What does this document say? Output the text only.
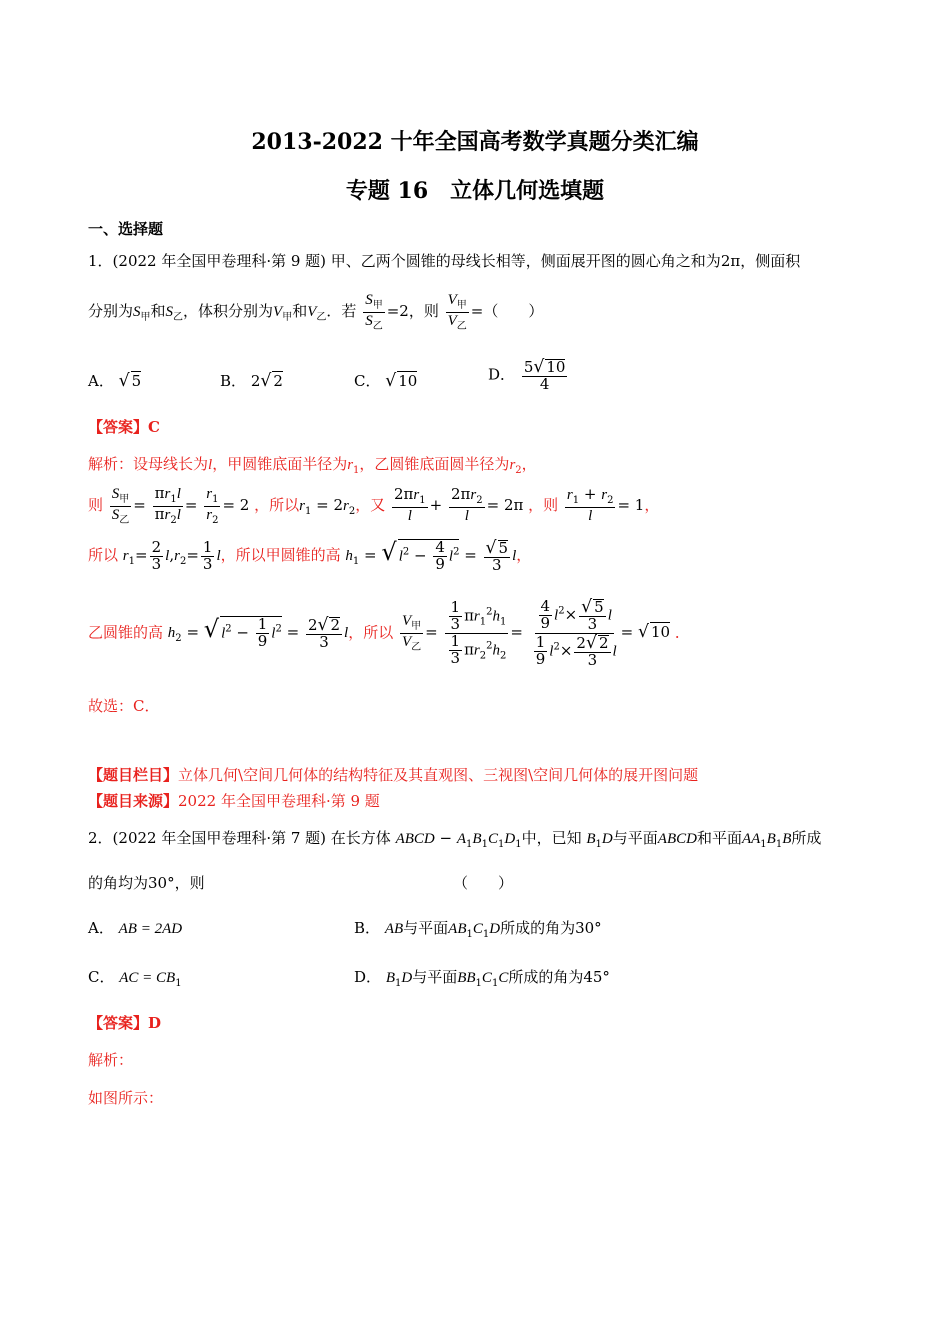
2013-2022 十年全国高考数学真题分类汇编
专题 16　立体几何选填题
一、选择题
1．(2022 年全国甲卷理科·第 9 题) 甲、乙两个圆锥的母线长相等，侧面展开图的圆心角之和为2π，侧面积
分别为$S_甲$和$S_乙$，体积分别为$V_甲$和$V_乙$．若 $\frac{S_甲}{S_乙} =2$，则 $\frac{V_甲}{V_乙}$ =（　　）
A． √ 5	B． 2√ 2	C． √ 10	D． $\frac{5√ 10}{4}$
【答案】C
解析：设母线长为l，甲圆锥底面半径为$r_1$，乙圆锥底面圆半径为$r_2$，
则 $\frac{S_甲}{S_乙} = \frac{\pi r_1l}{\pi r_2l} = \frac{r_1}{r_2} = 2$ ，所以$r_1 = 2r_2$，又 $\frac{2\pi r_1}{l} + \frac{2\pi r_2}{l} = 2\pi$ ，则 $\frac{r_1 + r_2}{l} = 1$，
所以 $r_1= \frac{2}{3} l,r_2= \frac{1}{3}$ l，所以甲圆锥的高 $h_1$ = √ $l^2 - \frac{4}{9} l^2 = \frac{√ 5}{3}$ l，
乙圆锥的高 $h_2$ = √ $l^2 - \frac{1}{9} l^2 = \frac{2√ 2}{3}$ l，所以 $\frac{V_甲}{V_乙} = \frac{\frac{1}{3} \pi r_1^2h_1}{\frac{1}{3} \pi r_2^2h_2} = \frac{\frac{4}{9} l^2\times \frac{√ 5}{3} l}{\frac{1}{9} l^2\times \frac{2√ 2}{3} l}$ = √ 10 ．
故选：C．
【题目栏目】立体几何\空间几何体的结构特征及其直观图、三视图\空间几何体的展开图问题
【题目来源】2022 年全国甲卷理科·第 9 题
2．(2022 年全国甲卷理科·第 7 题) 在长方体 ABCD − $A_1B_1C_1D_1$中，已知 $B_1D$与平面ABCD和平面$AA_1B_1B$所成
的角均为30°，则	（　　）
A． AB = 2AD	B． AB与平面$AB_1C_1D$所成的角为30°
C． AC = $CB_1$	D． $B_1D$与平面$BB_1C_1C$所成的角为45°
【答案】D
解析：
如图所示：
